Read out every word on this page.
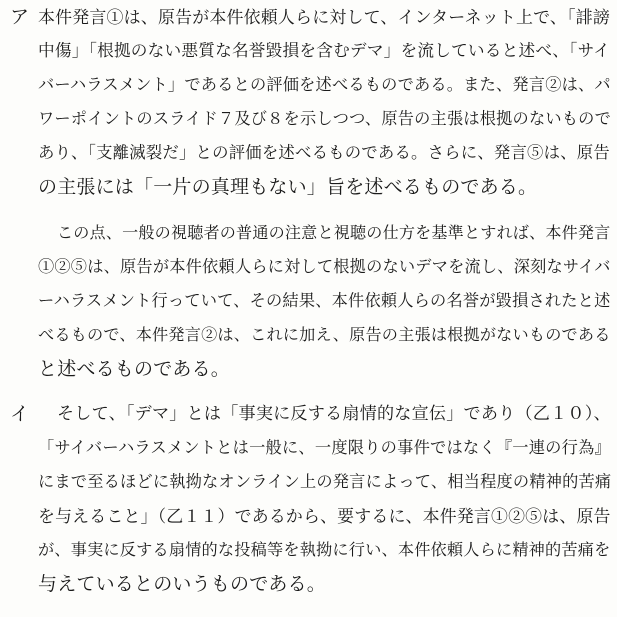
ア 本件発言①は、原告が本件依頼人らに対して、インターネット上で、「誹謗
中傷」「根拠のない悪質な名誉毀損を含むデマ」を流していると述べ、「サイ
バーハラスメント」であるとの評価を述べるものである。また、発言②は、パ
ワーポイントのスライド７及び８を示しつつ、原告の主張は根拠のないもので
あり、「支離滅裂だ」との評価を述べるものである。さらに、発言⑤は、原告
の主張には「一片の真理もない」旨を述べるものである。
この点、一般の視聴者の普通の注意と視聴の仕方を基準とすれば、本件発言
①②⑤は、原告が本件依頼人らに対して根拠のないデマを流し、深刻なサイバ
ーハラスメント行っていて、その結果、本件依頼人らの名誉が毀損されたと述
べるもので、本件発言②は、これに加え、原告の主張は根拠がないものである
と述べるものである。
イ そして、「デマ」とは「事実に反する扇情的な宣伝」であり（乙１０）、
「サイバーハラスメントとは一般に、一度限りの事件ではなく『一連の行為』
にまで至るほどに執拗なオンライン上の発言によって、相当程度の精神的苦痛
を与えること」（乙１１）であるから、要するに、本件発言①②⑤は、原告
が、事実に反する扇情的な投稿等を執拗に行い、本件依頼人らに精神的苦痛を
与えているとのいうものである。
